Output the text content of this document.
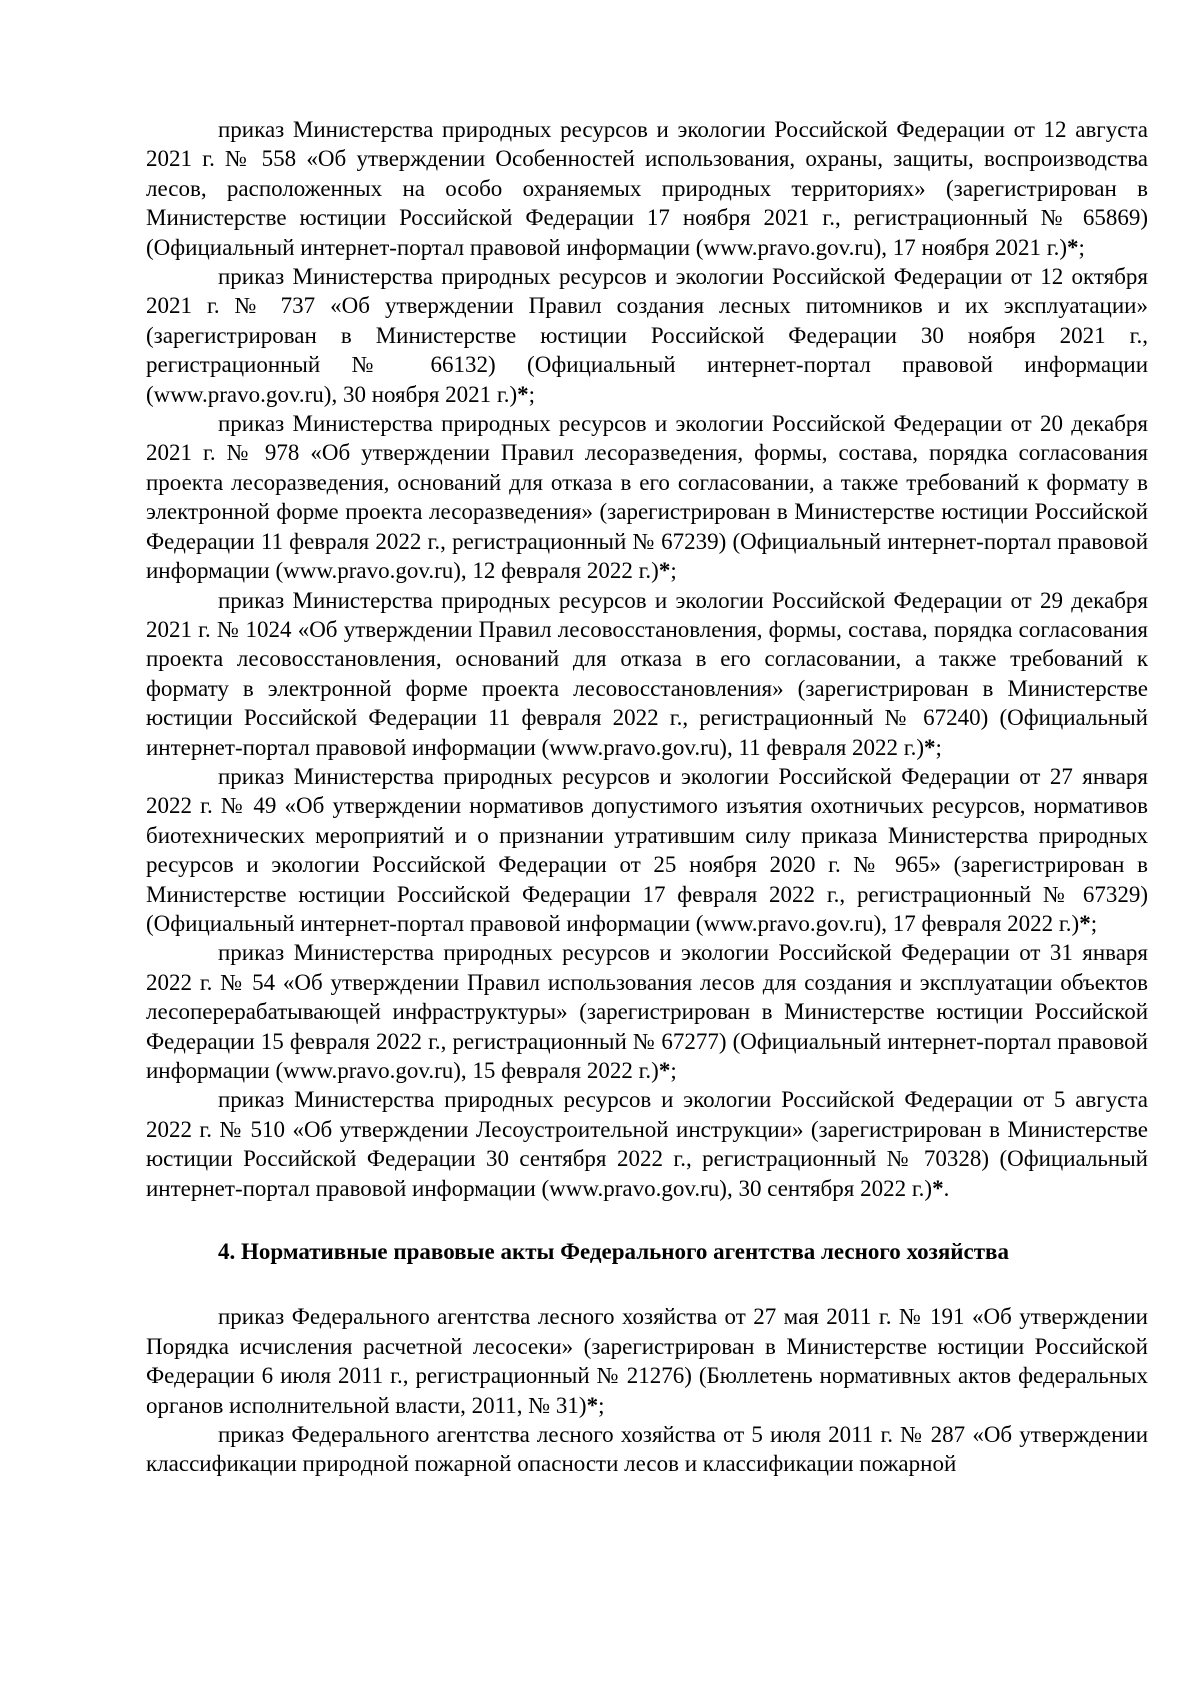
приказ Министерства природных ресурсов и экологии Российской Федерации от 12 августа 2021 г. № 558 «Об утверждении Особенностей использования, охраны, защиты, воспроизводства лесов, расположенных на особо охраняемых природных территориях» (зарегистрирован в Министерстве юстиции Российской Федерации 17 ноября 2021 г., регистрационный № 65869) (Официальный интернет-портал правовой информации (www.pravo.gov.ru), 17 ноября 2021 г.)*;

приказ Министерства природных ресурсов и экологии Российской Федерации от 12 октября 2021 г. № 737 «Об утверждении Правил создания лесных питомников и их эксплуатации» (зарегистрирован в Министерстве юстиции Российской Федерации 30 ноября 2021 г., регистрационный № 66132) (Официальный интернет-портал правовой информации (www.pravo.gov.ru), 30 ноября 2021 г.)*;

приказ Министерства природных ресурсов и экологии Российской Федерации от 20 декабря 2021 г. № 978 «Об утверждении Правил лесоразведения, формы, состава, порядка согласования проекта лесоразведения, оснований для отказа в его согласовании, а также требований к формату в электронной форме проекта лесоразведения» (зарегистрирован в Министерстве юстиции Российской Федерации 11 февраля 2022 г., регистрационный № 67239) (Официальный интернет-портал правовой информации (www.pravo.gov.ru), 12 февраля 2022 г.)*;

приказ Министерства природных ресурсов и экологии Российской Федерации от 29 декабря 2021 г. № 1024 «Об утверждении Правил лесовосстановления, формы, состава, порядка согласования проекта лесовосстановления, оснований для отказа в его согласовании, а также требований к формату в электронной форме проекта лесовосстановления» (зарегистрирован в Министерстве юстиции Российской Федерации 11 февраля 2022 г., регистрационный № 67240) (Официальный интернет-портал правовой информации (www.pravo.gov.ru), 11 февраля 2022 г.)*;

приказ Министерства природных ресурсов и экологии Российской Федерации от 27 января 2022 г. № 49 «Об утверждении нормативов допустимого изъятия охотничьих ресурсов, нормативов биотехнических мероприятий и о признании утратившим силу приказа Министерства природных ресурсов и экологии Российской Федерации от 25 ноября 2020 г. № 965» (зарегистрирован в Министерстве юстиции Российской Федерации 17 февраля 2022 г., регистрационный № 67329) (Официальный интернет-портал правовой информации (www.pravo.gov.ru), 17 февраля 2022 г.)*;

приказ Министерства природных ресурсов и экологии Российской Федерации от 31 января 2022 г. № 54 «Об утверждении Правил использования лесов для создания и эксплуатации объектов лесоперерабатывающей инфраструктуры» (зарегистрирован в Министерстве юстиции Российской Федерации 15 февраля 2022 г., регистрационный № 67277) (Официальный интернет-портал правовой информации (www.pravo.gov.ru), 15 февраля 2022 г.)*;

приказ Министерства природных ресурсов и экологии Российской Федерации от 5 августа 2022 г. № 510 «Об утверждении Лесоустроительной инструкции» (зарегистрирован в Министерстве юстиции Российской Федерации 30 сентября 2022 г., регистрационный № 70328) (Официальный интернет-портал правовой информации (www.pravo.gov.ru), 30 сентября 2022 г.)*.

4. Нормативные правовые акты Федерального агентства лесного хозяйства

приказ Федерального агентства лесного хозяйства от 27 мая 2011 г. № 191 «Об утверждении Порядка исчисления расчетной лесосеки» (зарегистрирован в Министерстве юстиции Российской Федерации 6 июля 2011 г., регистрационный № 21276) (Бюллетень нормативных актов федеральных органов исполнительной власти, 2011, № 31)*;

приказ Федерального агентства лесного хозяйства от 5 июля 2011 г. № 287 «Об утверждении классификации природной пожарной опасности лесов и классификации пожарной
